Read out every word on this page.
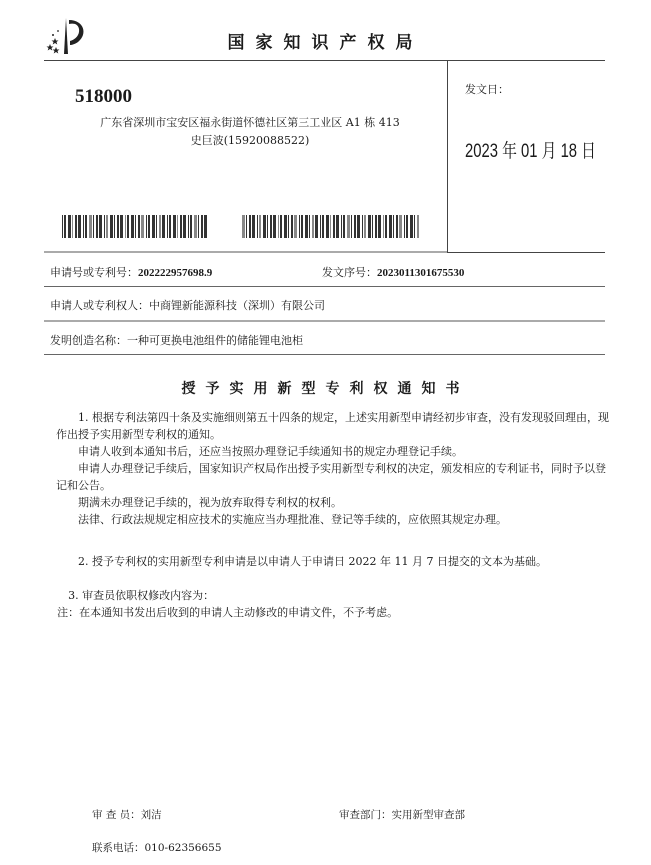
国家知识产权局
518000
广东省深圳市宝安区福永街道怀德社区第三工业区 A1 栋 413
史巨波(15920088522)
发文日：
2023 年 01 月 18 日
申请号或专利号：202222957698.9	发文序号：2023011301675530
申请人或专利权人：中商锂新能源科技（深圳）有限公司
发明创造名称：一种可更换电池组件的储能锂电池柜
授予实用新型专利权通知书

1. 根据专利法第四十条及实施细则第五十四条的规定，上述实用新型申请经初步审查，没有发现驳回理由，现作出授予实用新型专利权的通知。

申请人收到本通知书后，还应当按照办理登记手续通知书的规定办理登记手续。

申请人办理登记手续后，国家知识产权局作出授予实用新型专利权的决定，颁发相应的专利证书，同时予以登记和公告。

期满未办理登记手续的，视为放弃取得专利权的权利。

法律、行政法规规定相应技术的实施应当办理批准、登记等手续的，应依照其规定办理。

2. 授予专利权的实用新型专利申请是以申请人于申请日 2022 年 11 月 7 日提交的文本为基础。

3. 审查员依职权修改内容为：

注：在本通知书发出后收到的申请人主动修改的申请文件，不予考虑。

审 查 员：刘洁	审查部门：实用新型审查部
联系电话：010-62356655
